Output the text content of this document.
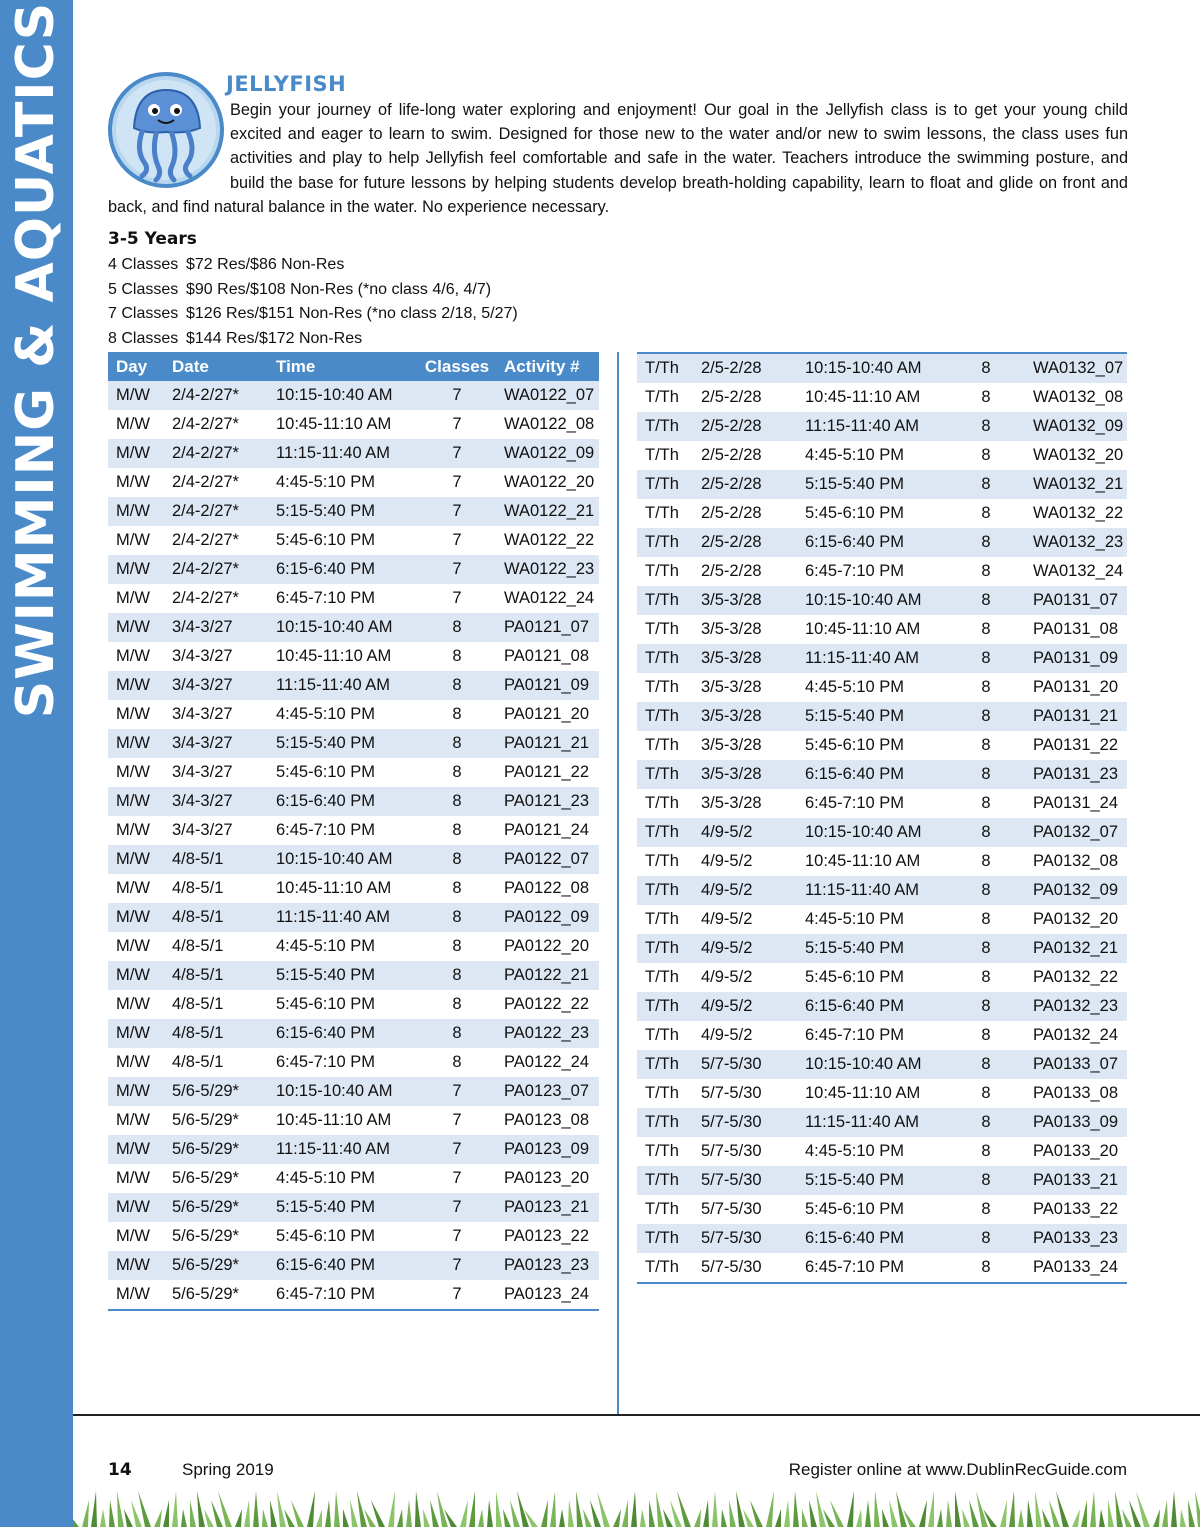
SWIMMING & AQUATICS	JELLYFISH
Begin your journey of life-long water exploring and enjoyment! Our goal in the Jellyfish class is to get your young child excited and eager to learn to swim. Designed for those new to the water and/or new to swim lessons, the class uses fun activities and play to help Jellyfish feel comfortable and safe in the water. Teachers introduce the swimming posture, and build the base for future lessons by helping students develop breath-holding capability, learn to float and glide on front and back, and find natural balance in the water. No experience necessary.
3-5 Years
4 Classes $72 Res/$86 Non-Res
5 Classes $90 Res/$108 Non-Res (*no class 4/6, 4/7)
7 Classes $126 Res/$151 Non-Res (*no class 2/18, 5/27)
8 Classes $144 Res/$172 Non-Res
Day	Date	Time	Classes	Activity #
M/W	2/4-2/27*	10:15-10:40 AM	7	WA0122_07
M/W	2/4-2/27*	10:45-11:10 AM	7	WA0122_08
M/W	2/4-2/27*	11:15-11:40 AM	7	WA0122_09
M/W	2/4-2/27*	4:45-5:10 PM	7	WA0122_20
M/W	2/4-2/27*	5:15-5:40 PM	7	WA0122_21
M/W	2/4-2/27*	5:45-6:10 PM	7	WA0122_22
M/W	2/4-2/27*	6:15-6:40 PM	7	WA0122_23
M/W	2/4-2/27*	6:45-7:10 PM	7	WA0122_24
M/W	3/4-3/27	10:15-10:40 AM	8	PA0121_07
M/W	3/4-3/27	10:45-11:10 AM	8	PA0121_08
M/W	3/4-3/27	11:15-11:40 AM	8	PA0121_09
M/W	3/4-3/27	4:45-5:10 PM	8	PA0121_20
M/W	3/4-3/27	5:15-5:40 PM	8	PA0121_21
M/W	3/4-3/27	5:45-6:10 PM	8	PA0121_22
M/W	3/4-3/27	6:15-6:40 PM	8	PA0121_23
M/W	3/4-3/27	6:45-7:10 PM	8	PA0121_24
M/W	4/8-5/1	10:15-10:40 AM	8	PA0122_07
M/W	4/8-5/1	10:45-11:10 AM	8	PA0122_08
M/W	4/8-5/1	11:15-11:40 AM	8	PA0122_09
M/W	4/8-5/1	4:45-5:10 PM	8	PA0122_20
M/W	4/8-5/1	5:15-5:40 PM	8	PA0122_21
M/W	4/8-5/1	5:45-6:10 PM	8	PA0122_22
M/W	4/8-5/1	6:15-6:40 PM	8	PA0122_23
M/W	4/8-5/1	6:45-7:10 PM	8	PA0122_24
M/W	5/6-5/29*	10:15-10:40 AM	7	PA0123_07
M/W	5/6-5/29*	10:45-11:10 AM	7	PA0123_08
M/W	5/6-5/29*	11:15-11:40 AM	7	PA0123_09
M/W	5/6-5/29*	4:45-5:10 PM	7	PA0123_20
M/W	5/6-5/29*	5:15-5:40 PM	7	PA0123_21
M/W	5/6-5/29*	5:45-6:10 PM	7	PA0123_22
M/W	5/6-5/29*	6:15-6:40 PM	7	PA0123_23
M/W	5/6-5/29*	6:45-7:10 PM	7	PA0123_24
T/Th	2/5-2/28	10:15-10:40 AM	8	WA0132_07
T/Th	2/5-2/28	10:45-11:10 AM	8	WA0132_08
T/Th	2/5-2/28	11:15-11:40 AM	8	WA0132_09
T/Th	2/5-2/28	4:45-5:10 PM	8	WA0132_20
T/Th	2/5-2/28	5:15-5:40 PM	8	WA0132_21
T/Th	2/5-2/28	5:45-6:10 PM	8	WA0132_22
T/Th	2/5-2/28	6:15-6:40 PM	8	WA0132_23
T/Th	2/5-2/28	6:45-7:10 PM	8	WA0132_24
T/Th	3/5-3/28	10:15-10:40 AM	8	PA0131_07
T/Th	3/5-3/28	10:45-11:10 AM	8	PA0131_08
T/Th	3/5-3/28	11:15-11:40 AM	8	PA0131_09
T/Th	3/5-3/28	4:45-5:10 PM	8	PA0131_20
T/Th	3/5-3/28	5:15-5:40 PM	8	PA0131_21
T/Th	3/5-3/28	5:45-6:10 PM	8	PA0131_22
T/Th	3/5-3/28	6:15-6:40 PM	8	PA0131_23
T/Th	3/5-3/28	6:45-7:10 PM	8	PA0131_24
T/Th	4/9-5/2	10:15-10:40 AM	8	PA0132_07
T/Th	4/9-5/2	10:45-11:10 AM	8	PA0132_08
T/Th	4/9-5/2	11:15-11:40 AM	8	PA0132_09
T/Th	4/9-5/2	4:45-5:10 PM	8	PA0132_20
T/Th	4/9-5/2	5:15-5:40 PM	8	PA0132_21
T/Th	4/9-5/2	5:45-6:10 PM	8	PA0132_22
T/Th	4/9-5/2	6:15-6:40 PM	8	PA0132_23
T/Th	4/9-5/2	6:45-7:10 PM	8	PA0132_24
T/Th	5/7-5/30	10:15-10:40 AM	8	PA0133_07
T/Th	5/7-5/30	10:45-11:10 AM	8	PA0133_08
T/Th	5/7-5/30	11:15-11:40 AM	8	PA0133_09
T/Th	5/7-5/30	4:45-5:10 PM	8	PA0133_20
T/Th	5/7-5/30	5:15-5:40 PM	8	PA0133_21
T/Th	5/7-5/30	5:45-6:10 PM	8	PA0133_22
T/Th	5/7-5/30	6:15-6:40 PM	8	PA0133_23
T/Th	5/7-5/30	6:45-7:10 PM	8	PA0133_24
14	Spring 2019	Register online at www.DublinRecGuide.com
